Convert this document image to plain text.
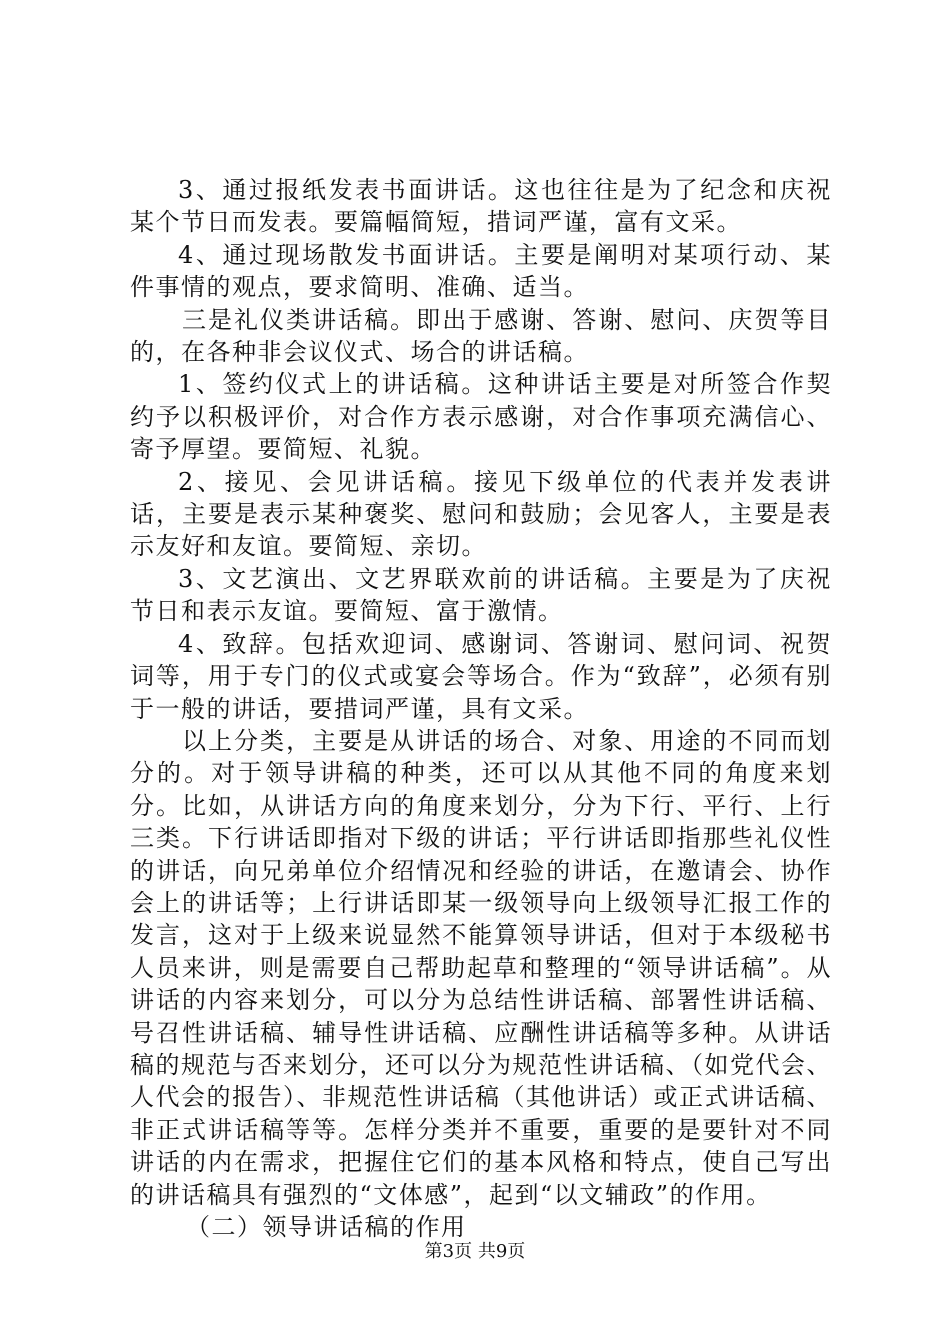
3、通过报纸发表书面讲话。这也往往是为了纪念和庆祝某个节日而发表。要篇幅简短，措词严谨，富有文采。

4、通过现场散发书面讲话。主要是阐明对某项行动、某件事情的观点，要求简明、准确、适当。

三是礼仪类讲话稿。即出于感谢、答谢、慰问、庆贺等目的，在各种非会议仪式、场合的讲话稿。

1、签约仪式上的讲话稿。这种讲话主要是对所签合作契约予以积极评价，对合作方表示感谢，对合作事项充满信心、寄予厚望。要简短、礼貌。

2、接见、会见讲话稿。接见下级单位的代表并发表讲话，主要是表示某种褒奖、慰问和鼓励；会见客人，主要是表示友好和友谊。要简短、亲切。

3、文艺演出、文艺界联欢前的讲话稿。主要是为了庆祝节日和表示友谊。要简短、富于激情。

4、致辞。包括欢迎词、感谢词、答谢词、慰问词、祝贺词等，用于专门的仪式或宴会等场合。作为“致辞”，必须有别于一般的讲话，要措词严谨，具有文采。

以上分类，主要是从讲话的场合、对象、用途的不同而划分的。对于领导讲稿的种类，还可以从其他不同的角度来划分。比如，从讲话方向的角度来划分，分为下行、平行、上行三类。下行讲话即指对下级的讲话；平行讲话即指那些礼仪性的讲话，向兄弟单位介绍情况和经验的讲话，在邀请会、协作会上的讲话等；上行讲话即某一级领导向上级领导汇报工作的发言，这对于上级来说显然不能算领导讲话，但对于本级秘书人员来讲，则是需要自己帮助起草和整理的“领导讲话稿”。从讲话的内容来划分，可以分为总结性讲话稿、部署性讲话稿、号召性讲话稿、辅导性讲话稿、应酬性讲话稿等多种。从讲话稿的规范与否来划分，还可以分为规范性讲话稿、（如党代会、人代会的报告）、非规范性讲话稿（其他讲话）或正式讲话稿、非正式讲话稿等等。怎样分类并不重要，重要的是要针对不同讲话的内在需求，把握住它们的基本风格和特点，使自己写出的讲话稿具有强烈的“文体感”，起到“以文辅政”的作用。

（二）领导讲话稿的作用

第3页 共9页
